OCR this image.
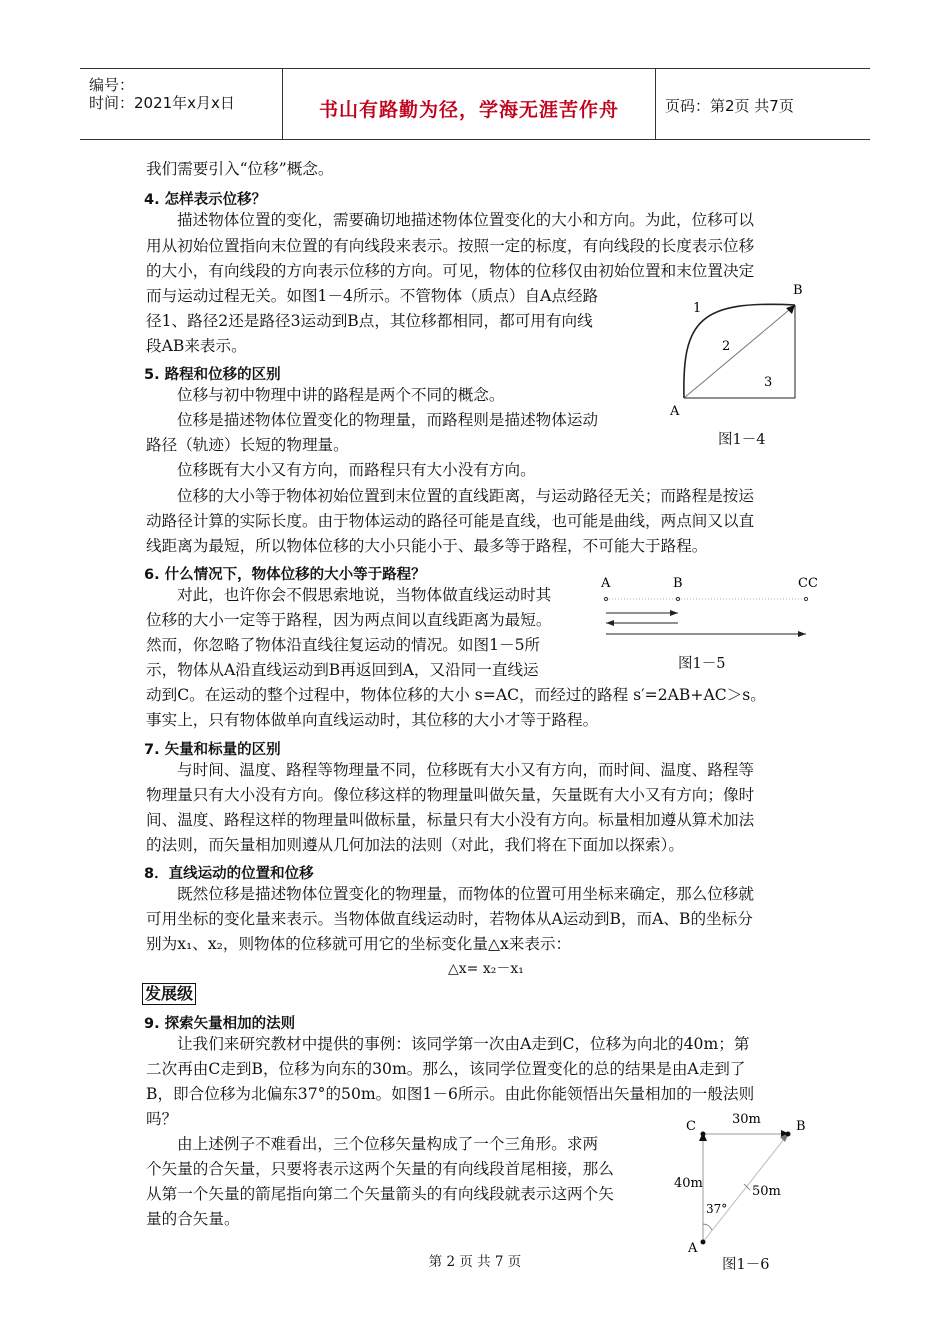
编号：
时间：2021年x月x日	书山有路勤为径，学海无涯苦作舟	页码：第2页 共7页
我们需要引入“位移”概念。
4. 怎样表示位移？
描述物体位置的变化，需要确切地描述物体位置变化的大小和方向。为此，位移可以
用从初始位置指向末位置的有向线段来表示。按照一定的标度，有向线段的长度表示位移
的大小，有向线段的方向表示位移的方向。可见，物体的位移仅由初始位置和末位置决定
而与运动过程无关。如图1－4所示。不管物体（质点）自A点经路
径1、路径2还是路径3运动到B点，其位移都相同，都可用有向线
段AB来表示。
5. 路程和位移的区别
位移与初中物理中讲的路程是两个不同的概念。
位移是描述物体位置变化的物理量，而路程则是描述物体运动
路径（轨迹）长短的物理量。
位移既有大小又有方向，而路程只有大小没有方向。
位移的大小等于物体初始位置到末位置的直线距离，与运动路径无关；而路程是按运
动路径计算的实际长度。由于物体运动的路径可能是直线，也可能是曲线，两点间又以直
线距离为最短，所以物体位移的大小只能小于、最多等于路程，不可能大于路程。
6. 什么情况下，物体位移的大小等于路程？
对此，也许你会不假思索地说，当物体做直线运动时其
位移的大小一定等于路程，因为两点间以直线距离为最短。
然而，你忽略了物体沿直线往复运动的情况。如图1－5所
示，物体从A沿直线运动到B再返回到A，又沿同一直线运
动到C。在运动的整个过程中，物体位移的大小 s=AC，而经过的路程 s′=2AB+AC＞s。
事实上，只有物体做单向直线运动时，其位移的大小才等于路程。
7. 矢量和标量的区别
与时间、温度、路程等物理量不同，位移既有大小又有方向，而时间、温度、路程等
物理量只有大小没有方向。像位移这样的物理量叫做矢量，矢量既有大小又有方向；像时
间、温度、路程这样的物理量叫做标量，标量只有大小没有方向。标量相加遵从算术加法
的法则，而矢量相加则遵从几何加法的法则（对此，我们将在下面加以探索）。
8．直线运动的位置和位移
既然位移是描述物体位置变化的物理量，而物体的位置可用坐标来确定，那么位移就
可用坐标的变化量来表示。当物体做直线运动时，若物体从A运动到B，而A、B的坐标分
别为x₁、x₂，则物体的位移就可用它的坐标变化量△x来表示：
△x= x₂－x₁
发展级
9. 探索矢量相加的法则
让我们来研究教材中提供的事例：该同学第一次由A走到C，位移为向北的40m；第
二次再由C走到B，位移为向东的30m。那么，该同学位置变化的总的结果是由A走到了
B，即合位移为北偏东37°的50m。如图1－6所示。由此你能领悟出矢量相加的一般法则
吗？
由上述例子不难看出，三个位移矢量构成了一个三角形。求两
个矢量的合矢量，只要将表示这两个矢量的有向线段首尾相接，那么
从第一个矢量的箭尾指向第二个矢量箭头的有向线段就表示这两个矢
量的合矢量。
A
B
1
2
3
图1－4
A	B	CC
图1－5
A
C	B
30m
40m
50m
37°
图1－6
第 2 页 共 7 页
